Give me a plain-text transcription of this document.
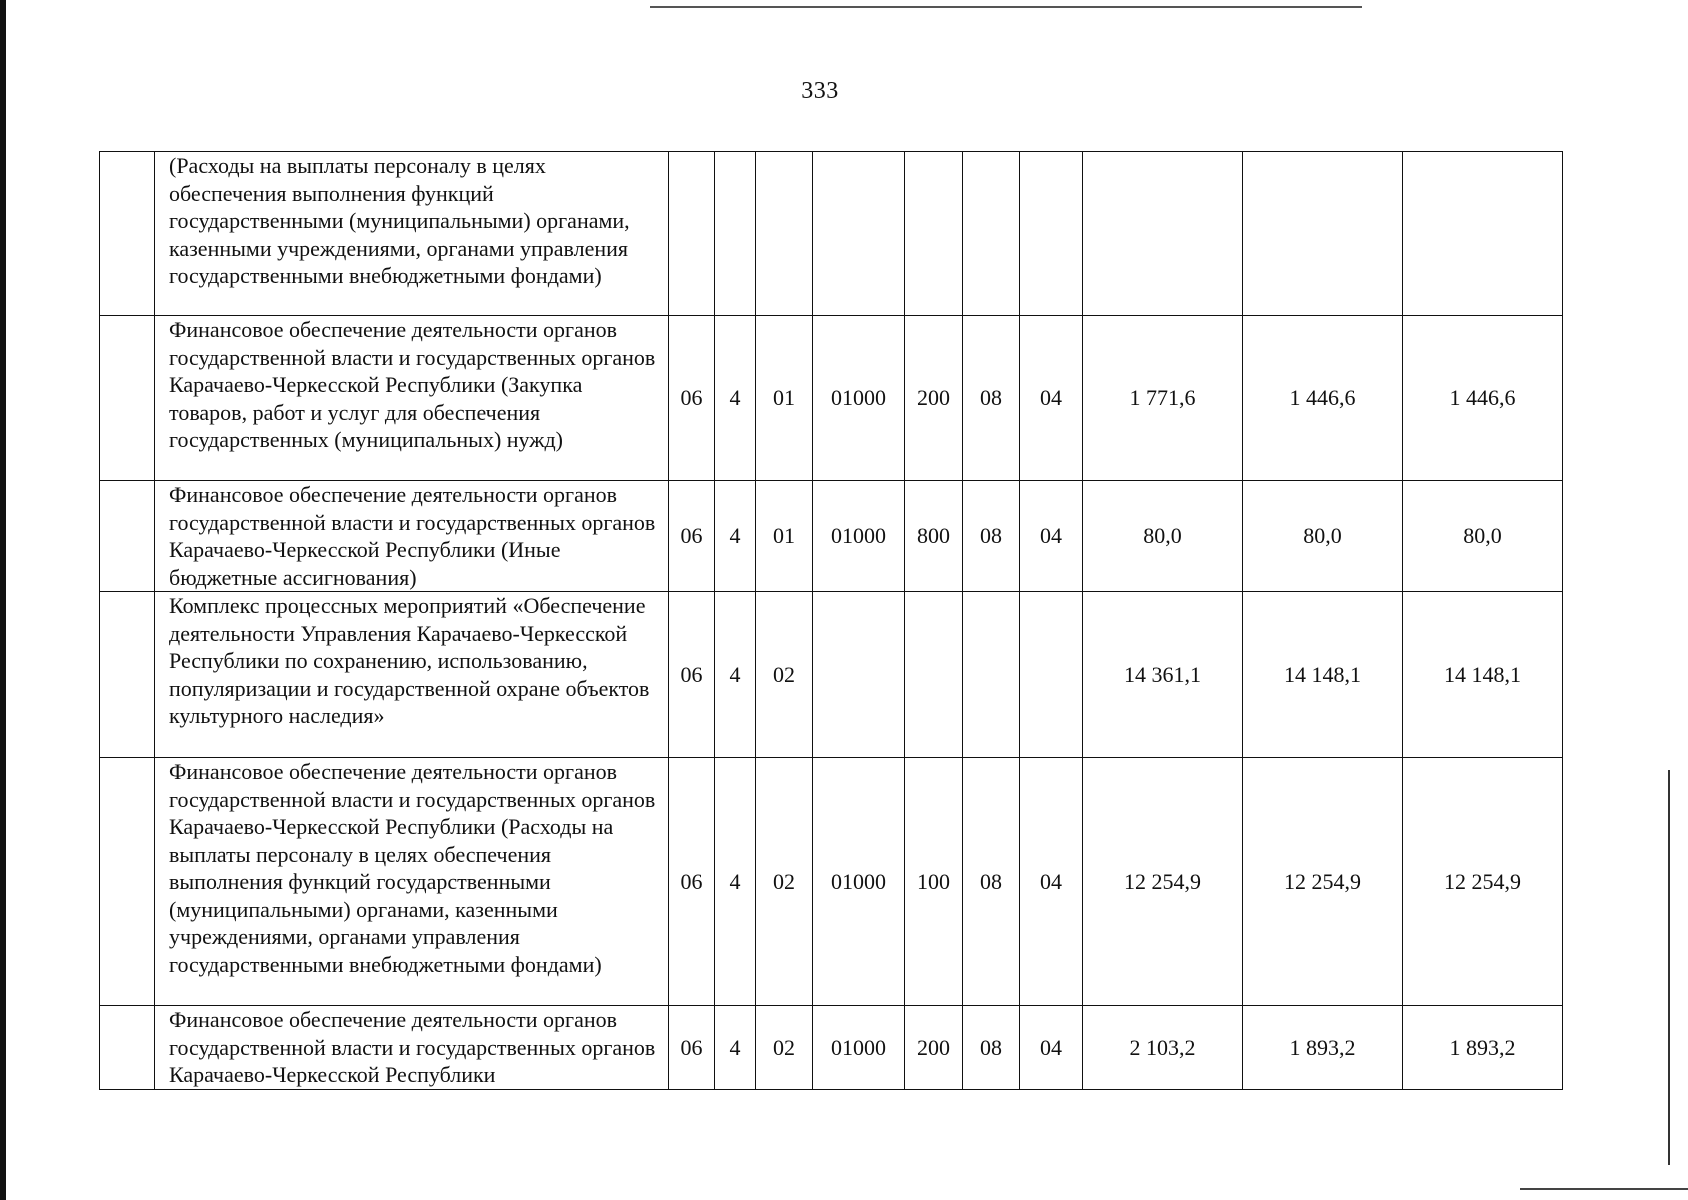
333
	(Расходы на выплаты персоналу в целях обеспечения выполнения функций государственными (муниципальными) органами, казенными учреждениями, органами управления государственными внебюджетными фондами)										
	Финансовое обеспечение деятельности органов государственной власти и государственных органов Карачаево-Черкесской Республики (Закупка товаров, работ и услуг для обеспечения государственных (муниципальных) нужд)	06	4	01	01000	200	08	04	1 771,6	1 446,6	1 446,6
	Финансовое обеспечение деятельности органов государственной власти и государственных органов Карачаево-Черкесской Республики (Иные бюджетные ассигнования)	06	4	01	01000	800	08	04	80,0	80,0	80,0
	Комплекс процессных мероприятий «Обеспечение деятельности Управления Карачаево-Черкесской Республики по сохранению, использованию, популяризации и государственной охране объектов культурного наследия»	06	4	02					14 361,1	14 148,1	14 148,1
	Финансовое обеспечение деятельности органов государственной власти и государственных органов Карачаево-Черкесской Республики (Расходы на выплаты персоналу в целях обеспечения выполнения функций государственными (муниципальными) органами, казенными учреждениями, органами управления государственными внебюджетными фондами)	06	4	02	01000	100	08	04	12 254,9	12 254,9	12 254,9
	Финансовое обеспечение деятельности органов государственной власти и государственных органов Карачаево-Черкесской Республики	06	4	02	01000	200	08	04	2 103,2	1 893,2	1 893,2
